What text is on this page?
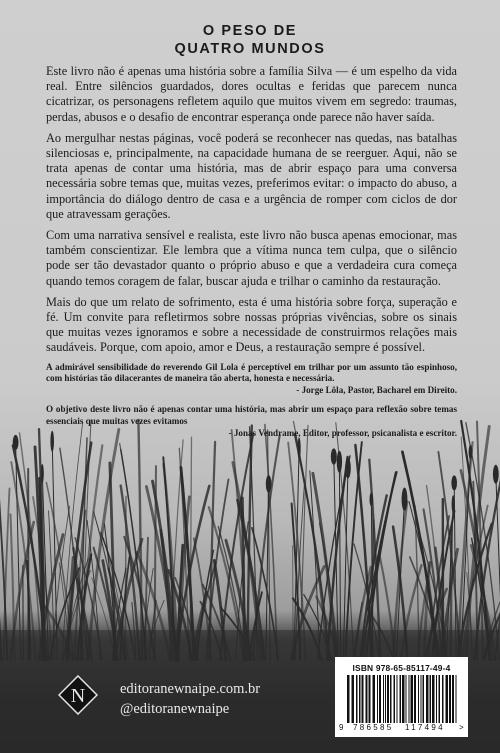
O PESO DE
QUATRO MUNDOS

Este livro não é apenas uma história sobre a família Silva — é um espelho da vida real. Entre silêncios guardados, dores ocultas e feridas que parecem nunca cicatrizar, os personagens refletem aquilo que muitos vivem em segredo: traumas, perdas, abusos e o desafio de encontrar esperança onde parece não haver saída.

Ao mergulhar nestas páginas, você poderá se reconhecer nas quedas, nas batalhas silenciosas e, principalmente, na capacidade humana de se reerguer. Aqui, não se trata apenas de contar uma história, mas de abrir espaço para uma conversa necessária sobre temas que, muitas vezes, preferimos evitar: o impacto do abuso, a importância do diálogo dentro de casa e a urgência de romper com ciclos de dor que atravessam gerações.

Com uma narrativa sensível e realista, este livro não busca apenas emocionar, mas também conscientizar. Ele lembra que a vítima nunca tem culpa, que o silêncio pode ser tão devastador quanto o próprio abuso e que a verdadeira cura começa quando temos coragem de falar, buscar ajuda e trilhar o caminho da restauração.

Mais do que um relato de sofrimento, esta é uma história sobre força, superação e fé. Um convite para refletirmos sobre nossas próprias vivências, sobre os sinais que muitas vezes ignoramos e sobre a necessidade de construirmos relações mais saudáveis. Porque, com apoio, amor e Deus, a restauração sempre é possível.

A admirável sensibilidade do reverendo Gil Lola é perceptível em trilhar por um assunto tão espinhoso, com histórias tão dilacerantes de maneira tão aberta, honesta e necessária.
- Jorge Lôla, Pastor, Bacharel em Direito.
O objetivo deste livro não é apenas contar uma história, mas abrir um espaço para reflexão sobre temas essenciais que muitas vezes evitamos
- Jonas Vendrame, Editor, professor, psicanalista e escritor.
N editoranewnaipe.com.br
@editoranewnaipe
ISBN 978-65-85117-49-4
9 786585 117494 >
